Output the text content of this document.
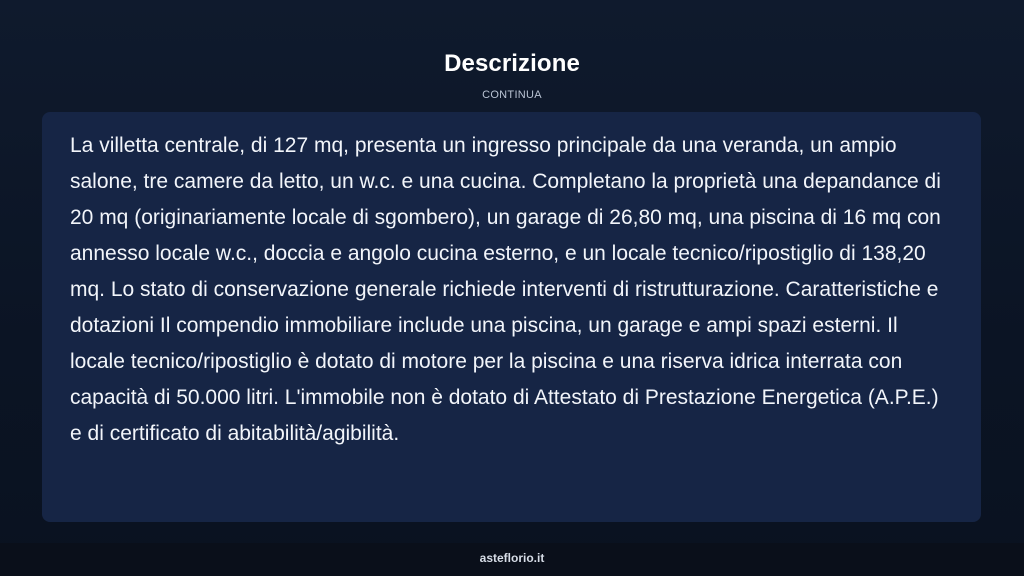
Descrizione
CONTINUA

La villetta centrale, di 127 mq, presenta un ingresso principale da una veranda, un ampio salone, tre camere da letto, un w.c. e una cucina. Completano la proprietà una depandance di 20 mq (originariamente locale di sgombero), un garage di 26,80 mq, una piscina di 16 mq con annesso locale w.c., doccia e angolo cucina esterno, e un locale tecnico/ripostiglio di 138,20 mq. Lo stato di conservazione generale richiede interventi di ristrutturazione. Caratteristiche e dotazioni Il compendio immobiliare include una piscina, un garage e ampi spazi esterni. Il locale tecnico/ripostiglio è dotato di motore per la piscina e una riserva idrica interrata con capacità di 50.000 litri. L'immobile non è dotato di Attestato di Prestazione Energetica (A.P.E.) e di certificato di abitabilità/agibilità.

asteflorio.it
